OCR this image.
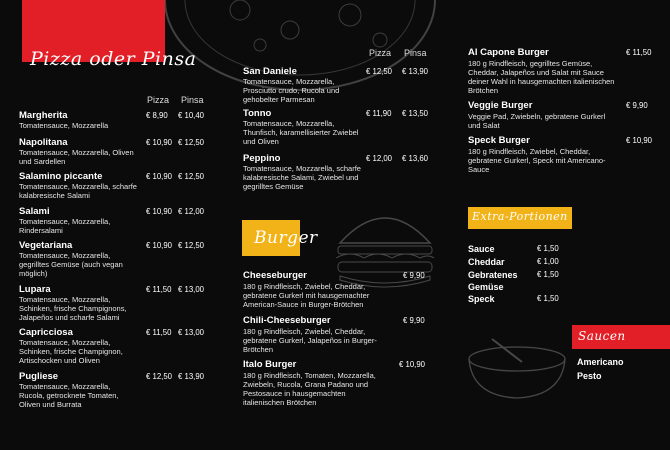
Pizza oder Pinsa
Pizza Pinsa
Margherita
Tomatensauce, Mozzarella
€ 8,90 € 10,40
Napolitana
Tomatensauce, Mozzarella, Oliven und Sardellen
€ 10,90 € 12,50
Salamino piccante
Tomatensauce, Mozzarella, scharfe kalabresische Salami
€ 10,90 € 12,50
Salami
Tomatensauce, Mozzarella, Rindersalami
€ 10,90 € 12,00
Vegetariana
Tomatensauce, Mozzarella, gegrilltes Gemüse (auch vegan möglich)
€ 10,90 € 12,50
Lupara
Tomatensauce, Mozzarella, Schinken, frische Champignons, Jalapeños und scharfe Salami
€ 11,50 € 13,00
Capricciosa
Tomatensauce, Mozzarella, Schinken, frische Champignon, Artischocken und Oliven
€ 11,50 € 13,00
Pugliese
Tomatensauce, Mozzarella, Rucola, getrocknete Tomaten, Oliven und Burrata
€ 12,50 € 13,90
Pizza Pinsa
San Daniele
Tomatensauce, Mozzarella, Prosciutto crudo, Rucola und gehobelter Parmesan
€ 12,50 € 13,90
Tonno
Tomatensauce, Mozzarella, Thunfisch, karamellisierter Zwiebel und Oliven
€ 11,90 € 13,50
Peppino
Tomatensauce, Mozzarella, scharfe kalabresische Salami, Zwiebel und gegrilltes Gemüse
€ 12,00 € 13,60
Burger
Cheeseburger
180 g Rindfleisch, Zwiebel, Cheddar, gebratene Gurkerl mit hausgemachter American-Sauce in Burger-Brötchen
€ 9,90
Chili-Cheeseburger
180 g Rindfleisch, Zwiebel, Cheddar, gebratene Gurkerl, Jalapeños in Burger-Brötchen
€ 9,90
Italo Burger
180 g Rindfleisch, Tomaten, Mozzarella, Zwiebeln, Rucola, Grana Padano und Pestosauce in hausgemachten italienischen Brötchen
€ 10,90
Al Capone Burger
180 g Rindfleisch, gegrilltes Gemüse, Cheddar, Jalapeños und Salat mit Sauce deiner Wahl in hausgemachten italienischen Brötchen
€ 11,50
Veggie Burger
Veggie Pad, Zwiebeln, gebratene Gurkerl und Salat
€ 9,90
Speck Burger
180 g Rindfleisch, Zwiebel, Cheddar, gebratene Gurkerl, Speck mit Americano-Sauce
€ 10,90
Extra-Portionen
Sauce	€ 1,50
Cheddar	€ 1,00
Gebratenes Gemüse
€ 1,50
Speck	€ 1,50
Saucen
Americano
Pesto
